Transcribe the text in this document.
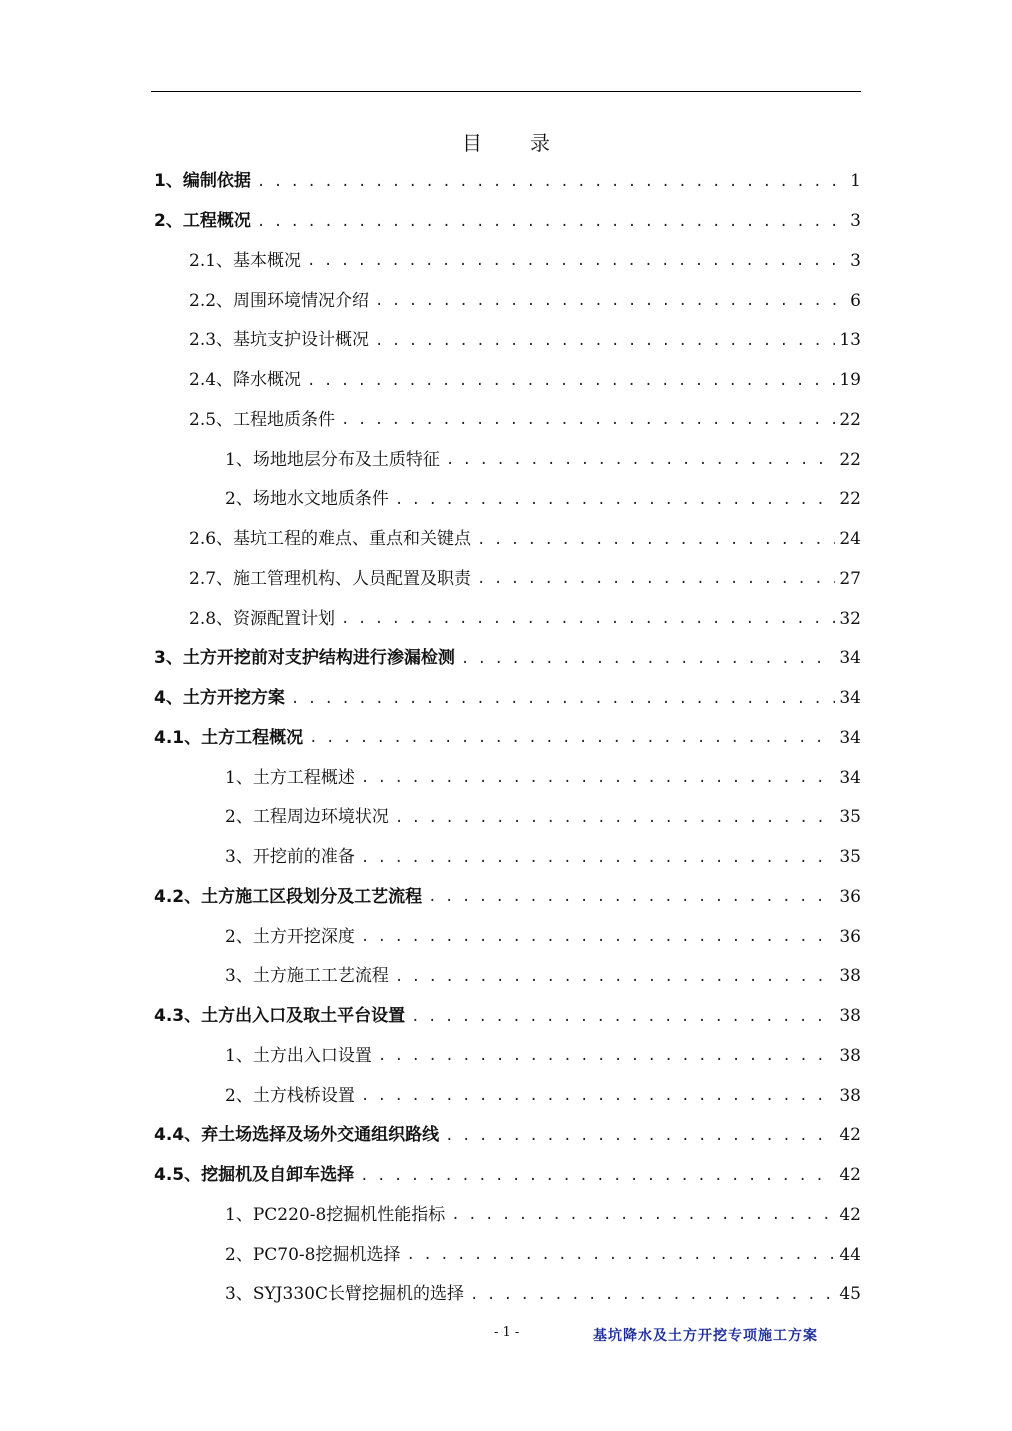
目　录
1、编制依据 . . .	1
2、工程概况 . . .	3
2.1、基本概况 . . .	3
2.2、周围环境情况介绍 . . .	6
2.3、基坑支护设计概况 . . .	13
2.4、降水概况 . . .	19
2.5、工程地质条件 . . .	22
1、场地地层分布及土质特征 . . .	22
2、场地水文地质条件 . . .	22
2.6、基坑工程的难点、重点和关键点 . . .	24
2.7、施工管理机构、人员配置及职责 . . .	27
2.8、资源配置计划 . . .	32
3、土方开挖前对支护结构进行渗漏检测 . . .	34
4、土方开挖方案 . . .	34
4.1、土方工程概况 . . .	34
1、土方工程概述 . . .	34
2、工程周边环境状况 . . .	35
3、开挖前的准备 . . .	35
4.2、土方施工区段划分及工艺流程 . . .	36
2、土方开挖深度 . . .	36
3、土方施工工艺流程 . . .	38
4.3、土方出入口及取土平台设置 . . .	38
1、土方出入口设置 . . .	38
2、土方栈桥设置 . . .	38
4.4、弃土场选择及场外交通组织路线 . . .	42
4.5、挖掘机及自卸车选择 . . .	42
1、PC220-8挖掘机性能指标 . . .	42
2、PC70-8挖掘机选择 . . .	44
3、SYJ330C长臂挖掘机的选择 . . .	45
- 1 -	基坑降水及土方开挖专项施工方案
